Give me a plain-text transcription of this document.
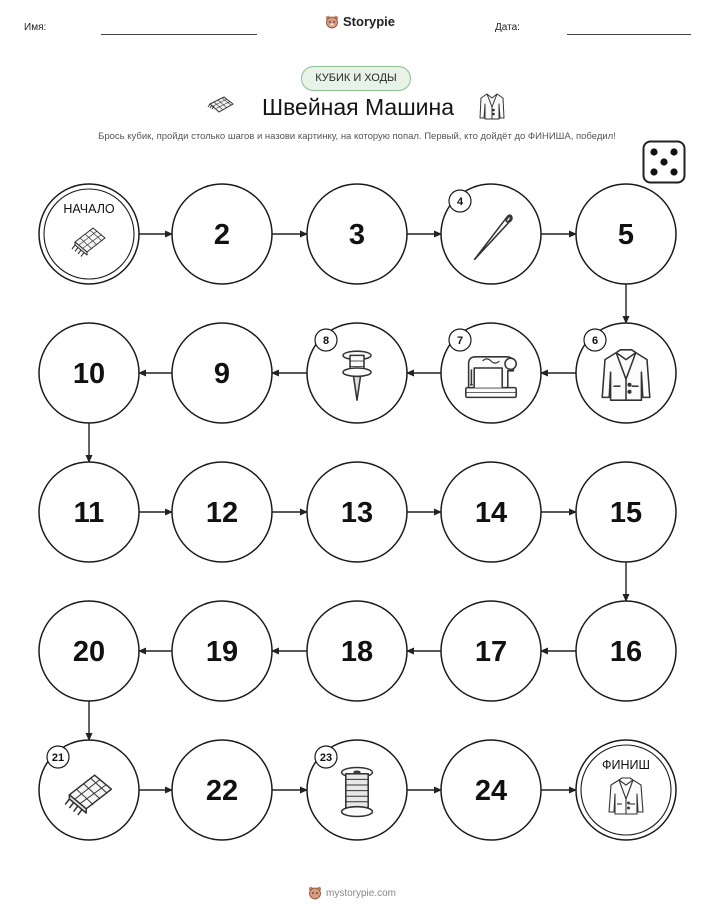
Имя:	Storypie	Дата:
КУБИК И ХОДЫ
Швейная Машина
Брось кубик, пройди столько шагов и назови картинку, на которую попал. Первый, кто дойдёт до ФИНИША, победил!
НАЧАЛО
2	3
4
5
6
7
8
9
10
11	12	13	14	15
16
17
18
19
20
21
22
23
24
ФИНИШ
mystorypie.com
